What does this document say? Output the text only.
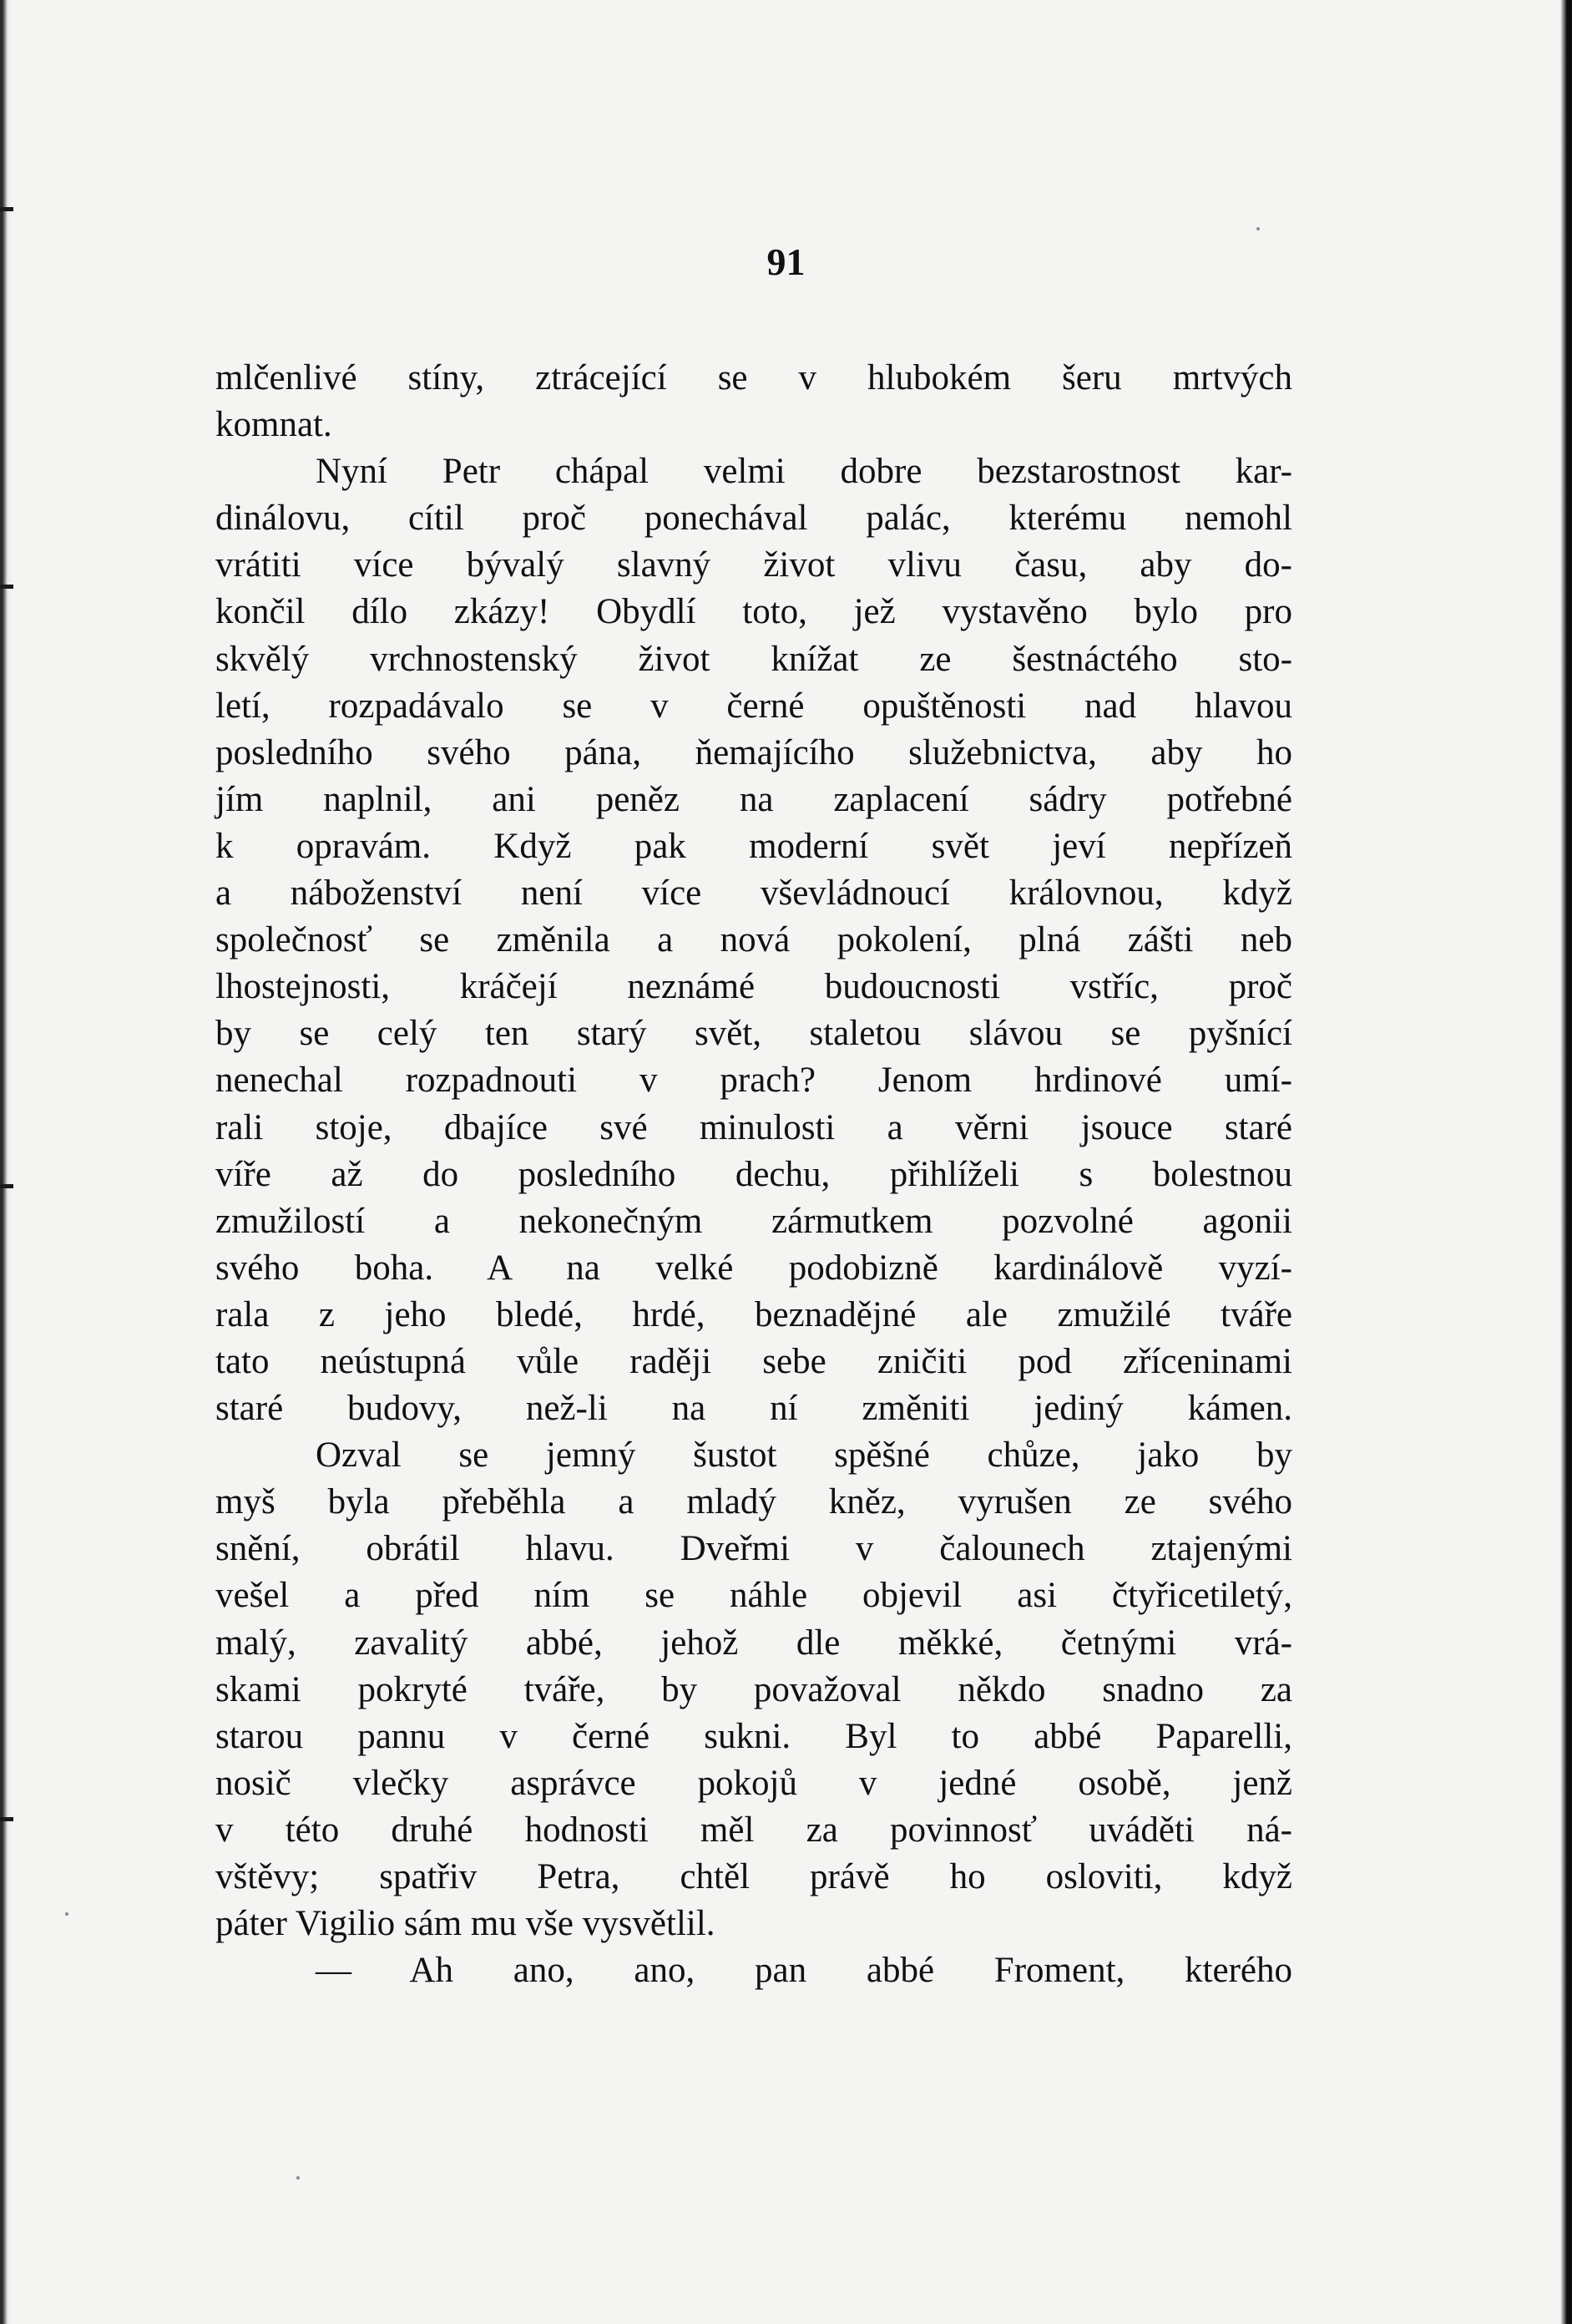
91
mlčenlivé stíny, ztrácející se v hlubokém šeru mrtvých
komnat.
Nyní Petr chápal velmi dobre bezstarostnost kar-
dinálovu, cítil proč ponechával palác, kterému nemohl
vrátiti více bývalý slavný život vlivu času, aby do-
končil dílo zkázy! Obydlí toto, jež vystavěno bylo pro
skvělý vrchnostenský život knížat ze šestnáctého sto-
letí, rozpadávalo se v černé opuštěnosti nad hlavou
posledního svého pána, ňemajícího služebnictva, aby ho
jím naplnil, ani peněz na zaplacení sádry potřebné
k opravám. Když pak moderní svět jeví nepřízeň
a náboženství není více vševládnoucí královnou, když
společnosť se změnila a nová pokolení, plná zášti neb
lhostejnosti, kráčejí neznámé budoucnosti vstříc, proč
by se celý ten starý svět, staletou slávou se pyšnící
nenechal rozpadnouti v prach? Jenom hrdinové umí-
rali stoje, dbajíce své minulosti a věrni jsouce staré
víře až do posledního dechu, přihlíželi s bolestnou
zmužilostí a nekonečným zármutkem pozvolné agonii
svého boha. A na velké podobizně kardinálově vyzí-
rala z jeho bledé, hrdé, beznadějné ale zmužilé tváře
tato neústupná vůle raději sebe zničiti pod zříceninami
staré budovy, než-li na ní změniti jediný kámen.
Ozval se jemný šustot spěšné chůze, jako by
myš byla přeběhla a mladý kněz, vyrušen ze svého
snění, obrátil hlavu. Dveřmi v čalounech ztajenými
vešel a před ním se náhle objevil asi čtyřicetiletý,
malý, zavalitý abbé, jehož dle měkké, četnými vrá-
skami pokryté tváře, by považoval někdo snadno za
starou pannu v černé sukni. Byl to abbé Paparelli,
nosič vlečky asprávce pokojů v jedné osobě, jenž
v této druhé hodnosti měl za povinnosť uváděti ná-
vštěvy; spatřiv Petra, chtěl právě ho osloviti, když
páter Vigilio sám mu vše vysvětlil.
— Ah ano, ano, pan abbé Froment, kterého
